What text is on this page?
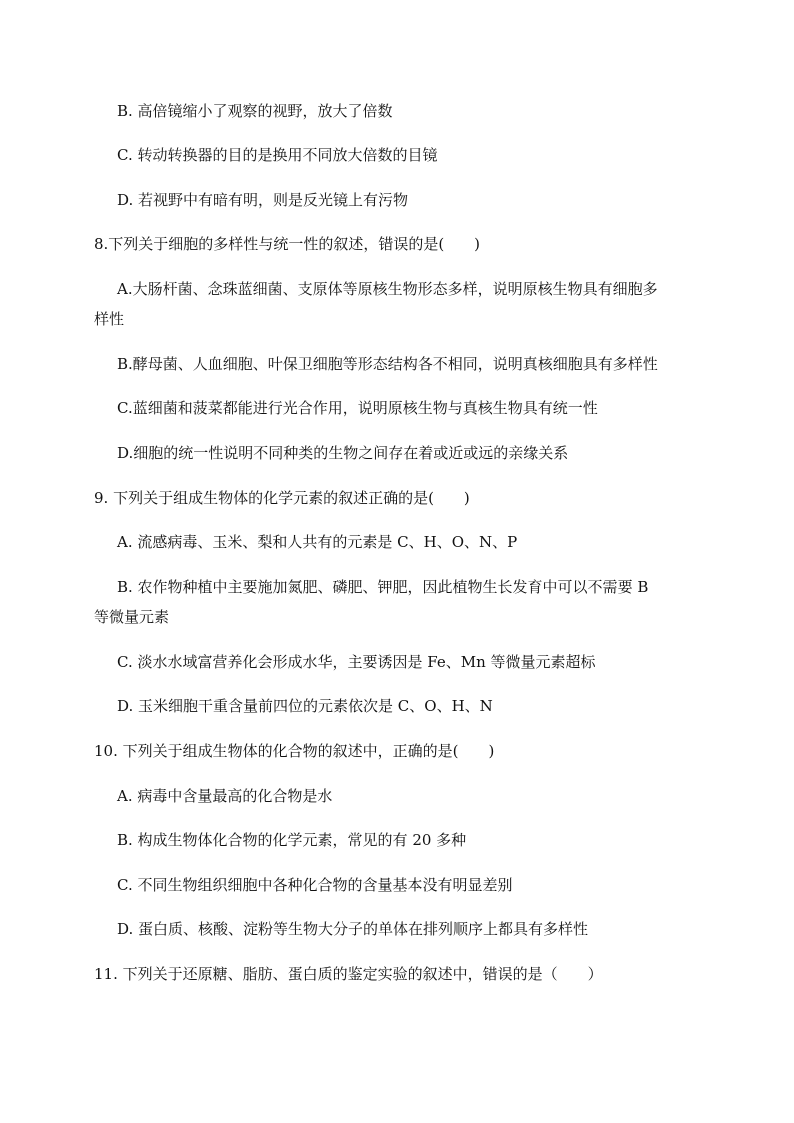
B. 高倍镜缩小了观察的视野，放大了倍数
C. 转动转换器的目的是换用不同放大倍数的目镜
D. 若视野中有暗有明，则是反光镜上有污物
8.下列关于细胞的多样性与统一性的叙述，错误的是(　　)
A.大肠杆菌、念珠蓝细菌、支原体等原核生物形态多样，说明原核生物具有细胞多
样性
B.酵母菌、人血细胞、叶保卫细胞等形态结构各不相同，说明真核细胞具有多样性
C.蓝细菌和菠菜都能进行光合作用，说明原核生物与真核生物具有统一性
D.细胞的统一性说明不同种类的生物之间存在着或近或远的亲缘关系
9. 下列关于组成生物体的化学元素的叙述正确的是(　　)
A. 流感病毒、玉米、梨和人共有的元素是 C、H、O、N、P
B. 农作物种植中主要施加氮肥、磷肥、钾肥，因此植物生长发育中可以不需要 B
等微量元素
C. 淡水水域富营养化会形成水华，主要诱因是 Fe、Mn 等微量元素超标
D. 玉米细胞干重含量前四位的元素依次是 C、O、H、N
10. 下列关于组成生物体的化合物的叙述中，正确的是(　　)
A. 病毒中含量最高的化合物是水
B. 构成生物体化合物的化学元素，常见的有 20 多种
C. 不同生物组织细胞中各种化合物的含量基本没有明显差别
D. 蛋白质、核酸、淀粉等生物大分子的单体在排列顺序上都具有多样性
11. 下列关于还原糖、脂肪、蛋白质的鉴定实验的叙述中，错误的是（　　）
